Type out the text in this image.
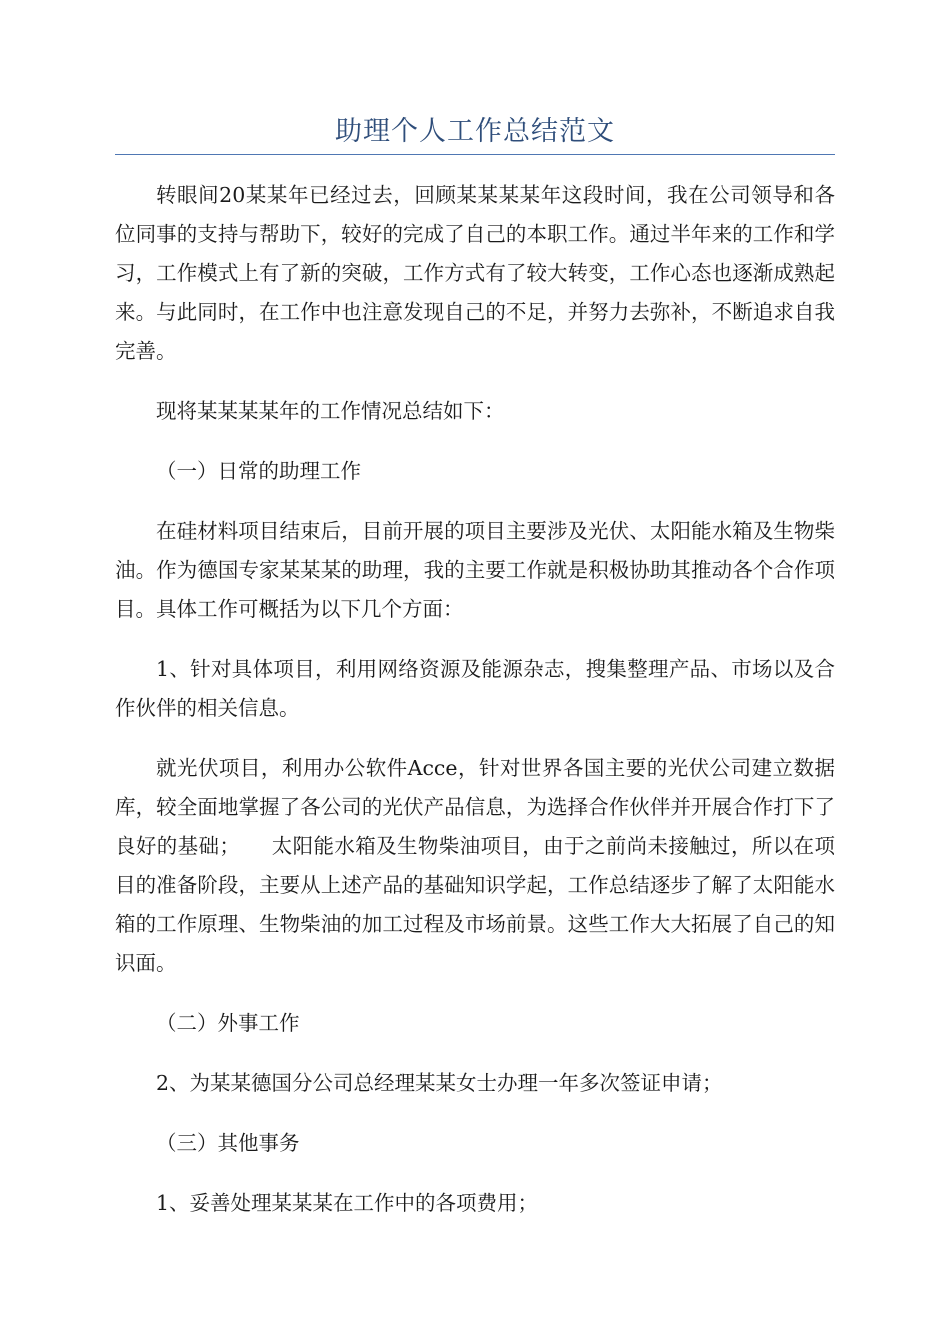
助理个人工作总结范文

转眼间20某某年已经过去，回顾某某某某年这段时间，我在公司领导和各位同事的支持与帮助下，较好的完成了自己的本职工作。通过半年来的工作和学习，工作模式上有了新的突破，工作方式有了较大转变，工作心态也逐渐成熟起来。与此同时，在工作中也注意发现自己的不足，并努力去弥补，不断追求自我完善。

现将某某某某年的工作情况总结如下：

（一）日常的助理工作

在硅材料项目结束后，目前开展的项目主要涉及光伏、太阳能水箱及生物柴油。作为德国专家某某某的助理，我的主要工作就是积极协助其推动各个合作项目。具体工作可概括为以下几个方面：

1、针对具体项目，利用网络资源及能源杂志，搜集整理产品、市场以及合作伙伴的相关信息。

就光伏项目，利用办公软件Acce，针对世界各国主要的光伏公司建立数据库，较全面地掌握了各公司的光伏产品信息，为选择合作伙伴并开展合作打下了良好的基础；　　太阳能水箱及生物柴油项目，由于之前尚未接触过，所以在项目的准备阶段，主要从上述产品的基础知识学起，工作总结逐步了解了太阳能水箱的工作原理、生物柴油的加工过程及市场前景。这些工作大大拓展了自己的知识面。

（二）外事工作

2、为某某德国分公司总经理某某女士办理一年多次签证申请；

（三）其他事务

1、妥善处理某某某在工作中的各项费用；
